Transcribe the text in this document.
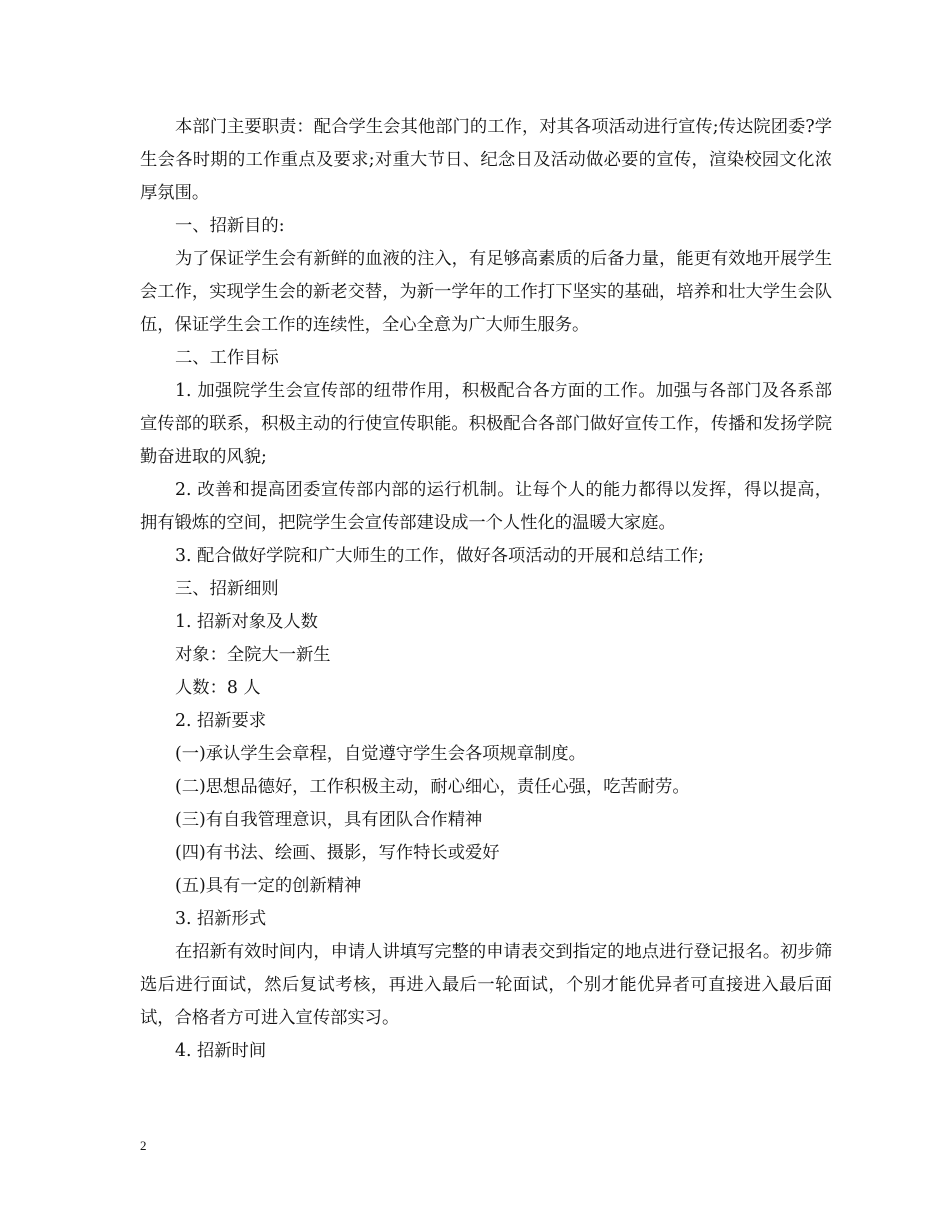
本部门主要职责：配合学生会其他部门的工作，对其各项活动进行宣传;传达院团委?学生会各时期的工作重点及要求;对重大节日、纪念日及活动做必要的宣传，渲染校园文化浓厚氛围。

一、招新目的:

为了保证学生会有新鲜的血液的注入，有足够高素质的后备力量，能更有效地开展学生会工作，实现学生会的新老交替，为新一学年的工作打下坚实的基础，培养和壮大学生会队伍，保证学生会工作的连续性，全心全意为广大师生服务。

二、工作目标

1. 加强院学生会宣传部的纽带作用，积极配合各方面的工作。加强与各部门及各系部宣传部的联系，积极主动的行使宣传职能。积极配合各部门做好宣传工作，传播和发扬学院勤奋进取的风貌;

2. 改善和提高团委宣传部内部的运行机制。让每个人的能力都得以发挥，得以提高，拥有锻炼的空间，把院学生会宣传部建设成一个人性化的温暖大家庭。

3. 配合做好学院和广大师生的工作，做好各项活动的开展和总结工作;

三、招新细则

1. 招新对象及人数

对象：全院大一新生

人数：8 人

2. 招新要求

(一)承认学生会章程，自觉遵守学生会各项规章制度。

(二)思想品德好，工作积极主动，耐心细心，责任心强，吃苦耐劳。

(三)有自我管理意识，具有团队合作精神

(四)有书法、绘画、摄影，写作特长或爱好

(五)具有一定的创新精神

3. 招新形式

在招新有效时间内，申请人讲填写完整的申请表交到指定的地点进行登记报名。初步筛选后进行面试，然后复试考核，再进入最后一轮面试，个别才能优异者可直接进入最后面试，合格者方可进入宣传部实习。

4. 招新时间

2
